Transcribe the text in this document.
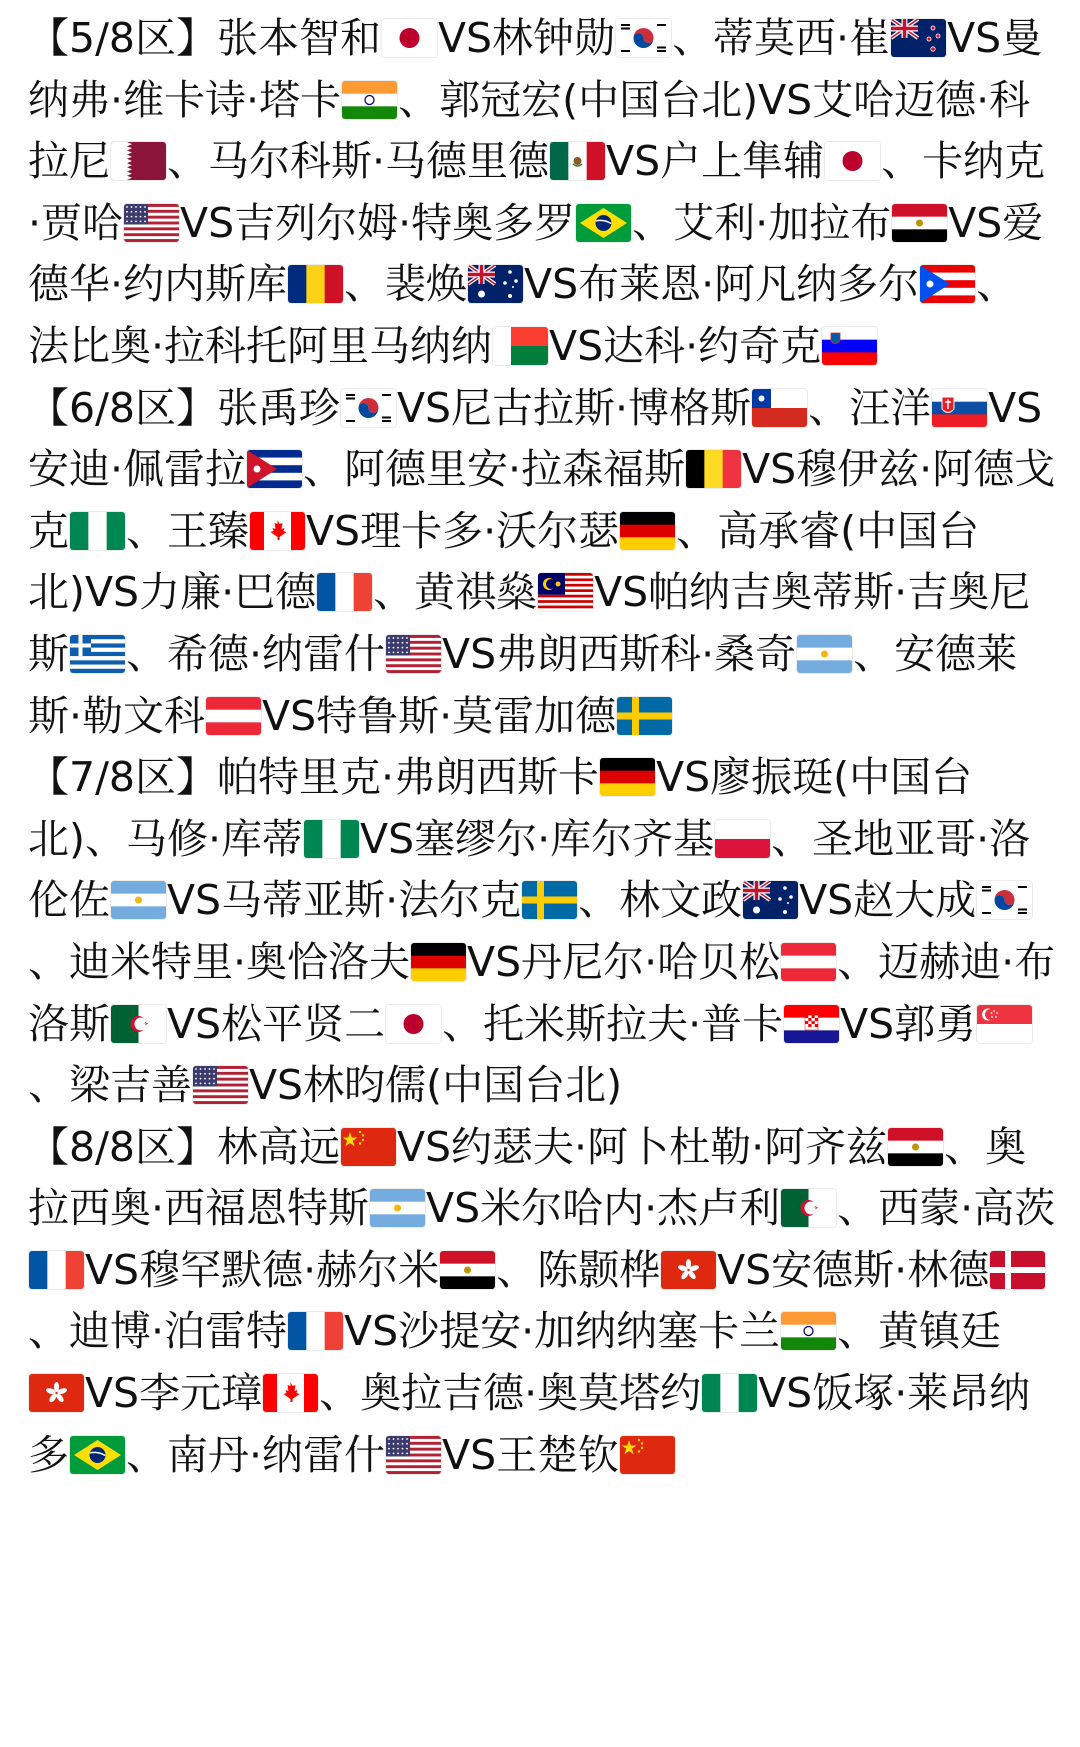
【5/8区】张本智和 VS林钟勋 、蒂莫西·崔 VS曼纳弗·维卡诗·塔卡 、郭冠宏(中国台北)VS艾哈迈德·科拉尼 、马尔科斯·马德里德 VS户上隼辅 、卡纳克·贾哈 VS吉列尔姆·特奥多罗 、艾利·加拉布 VS爱德华·约内斯库 、裴焕 VS布莱恩·阿凡纳多尔 、法比奥·拉科托阿里马纳纳 VS达科·约奇克
【6/8区】张禹珍 VS尼古拉斯·博格斯 、汪洋 VS安迪·佩雷拉 、阿德里安·拉森福斯 VS穆伊兹·阿德戈克 、王臻 VS理卡多·沃尔瑟 、高承睿(中国台北)VS力廉·巴德 、黄祺燊 VS帕纳吉奥蒂斯·吉奥尼斯 、希德·纳雷什 VS弗朗西斯科·桑奇 、安德莱斯·勒文科 VS特鲁斯·莫雷加德
【7/8区】帕特里克·弗朗西斯卡 VS廖振珽(中国台北)、马修·库蒂 VS塞缪尔·库尔齐基 、圣地亚哥·洛伦佐 VS马蒂亚斯·法尔克 、林文政 VS赵大成
、迪米特里·奥恰洛夫 VS丹尼尔·哈贝松 、迈赫迪·布洛斯 VS松平贤二 、托米斯拉夫·普卡 VS郭勇
、梁吉善 VS林昀儒(中国台北)
【8/8区】林高远 VS约瑟夫·阿卜杜勒·阿齐兹 、奥拉西奥·西福恩特斯 VS米尔哈内·杰卢利 、西蒙·高茨
VS穆罕默德·赫尔米 、陈颢桦 VS安德斯·林德
、迪博·泊雷特 VS沙提安·加纳纳塞卡兰 、黄镇廷
VS李元璋 、奥拉吉德·奥莫塔约 VS饭塚·莱昂纳多 、南丹·纳雷什 VS王楚钦
